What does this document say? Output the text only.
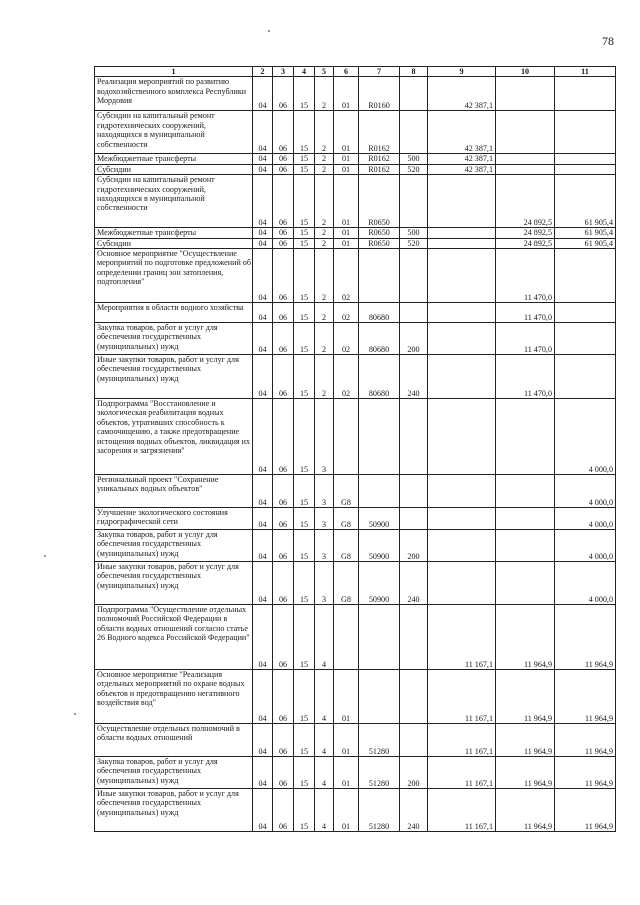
78
1	2	3	4	5	6	7	8	9	10	11
Реализация мероприятий по развитию водохозяйственного комплекса Республики Мордовия	04	06	15	2	01	R0160		42 387,1		
Субсидии на капитальный ремонт гидротехнических сооружений, находящихся в муниципальной собственности	04	06	15	2	01	R0162		42 387,1		
Межбюджетные трансферты	04	06	15	2	01	R0162	500	42 387,1		
Субсидии	04	06	15	2	01	R0162	520	42 387,1		
Субсидии на капитальный ремонт гидротехнических сооружений, находящихся в муниципальной собственности	04	06	15	2	01	R0650			24 892,5	61 905,4
Межбюджетные трансферты	04	06	15	2	01	R0650	500		24 892,5	61 905,4
Субсидии	04	06	15	2	01	R0650	520		24 892,5	61 905,4
Основное мероприятие "Осуществление мероприятий по подготовке предложений об определении границ зон затопления, подтопления"	04	06	15	2	02				11 470,0	
Мероприятия в области водного хозяйства	04	06	15	2	02	80680			11 470,0	
Закупка товаров, работ и услуг для обеспечения государственных (муниципальных) нужд	04	06	15	2	02	80680	200		11 470,0	
Иные закупки товаров, работ и услуг для обеспечения государственных (муниципальных) нужд	04	06	15	2	02	80680	240		11 470,0	
Подпрограмма "Восстановление и экологическая реабилитация водных объектов, утративших способность к самоочищению, а также предотвращение истощения водных объектов, ликвидация их засорения и загрязнения"	04	06	15	3						4 000,0
Региональный проект "Сохранение уникальных водных объектов"	04	06	15	3	G8					4 000,0
Улучшение экологического состояния гидрографической сети	04	06	15	3	G8	50900				4 000,0
Закупка товаров, работ и услуг для обеспечения государственных (муниципальных) нужд	04	06	15	3	G8	50900	200			4 000,0
Иные закупки товаров, работ и услуг для обеспечения государственных (муниципальных) нужд	04	06	15	3	G8	50900	240			4 000,0
Подпрограмма "Осуществление отдельных полномочий Российской Федерации в области водных отношений согласно статье 26 Водного кодекса Российской Федерации"	04	06	15	4				11 167,1	11 964,9	11 964,9
Основное мероприятие "Реализация отдельных мероприятий по охране водных объектов и предотвращению негативного воздействия вод"	04	06	15	4	01			11 167,1	11 964,9	11 964,9
Осуществление отдельных полномочий в области водных отношений	04	06	15	4	01	51280		11 167,1	11 964,9	11 964,9
Закупка товаров, работ и услуг для обеспечения государственных (муниципальных) нужд	04	06	15	4	01	51280	200	11 167,1	11 964,9	11 964,9
Иные закупки товаров, работ и услуг для обеспечения государственных (муниципальных) нужд	04	06	15	4	01	51280	240	11 167,1	11 964,9	11 964,9
